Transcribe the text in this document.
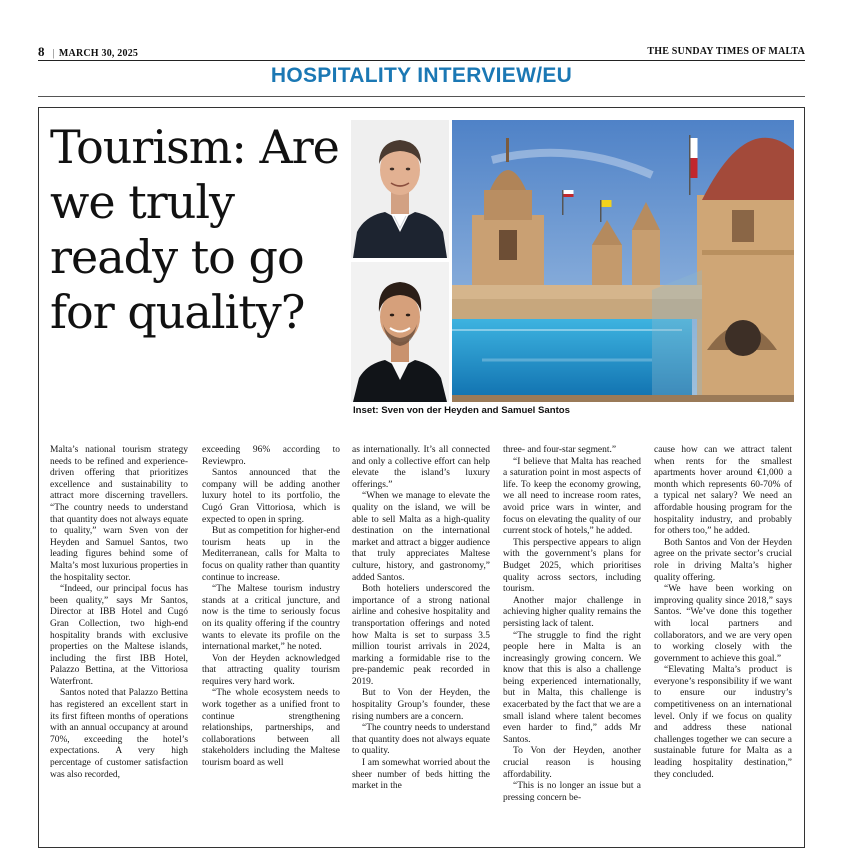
8 | MARCH 30, 2025	THE SUNDAY TIMES OF MALTA
HOSPITALITY INTERVIEW/EU
Tourism: Are we truly ready to go for quality?
Inset: Sven von der Heyden and Samuel Santos

Malta’s national tourism strategy needs to be refined and experience-driven offering that prioritizes excellence and sustainability to attract more discerning travellers. “The country needs to understand that quantity does not always equate to quality,” warn Sven von der Heyden and Samuel Santos, two leading figures behind some of Malta’s most luxurious properties in the hospitality sector.

“Indeed, our principal focus has been quality,” says Mr Santos, Director at IBB Hotel and Cugó Gran Collection, two high-end hospitality brands with exclusive properties on the Maltese islands, including the first IBB Hotel, Palazzo Bettina, at the Vittoriosa Waterfront.

Santos noted that Palazzo Bettina has registered an excellent start in its first fifteen months of operations with an annual occupancy at around 70%, exceeding the hotel’s expectations. A very high percentage of customer satisfaction was also recorded,

exceeding 96% according to Reviewpro.

Santos announced that the company will be adding another luxury hotel to its portfolio, the Cugó Gran Vittoriosa, which is expected to open in spring.

But as competition for higher-end tourism heats up in the Mediterranean, calls for Malta to focus on quality rather than quantity continue to increase.

“The Maltese tourism industry stands at a critical juncture, and now is the time to seriously focus on its quality offering if the country wants to elevate its profile on the international market,” he noted.

Von der Heyden acknowledged that attracting quality tourism requires very hard work.

“The whole ecosystem needs to work together as a unified front to continue strengthening relationships, partnerships, and collaborations between all stakeholders including the Maltese tourism board as well

as internationally. It’s all connected and only a collective effort can help elevate the island’s luxury offerings.”

“When we manage to elevate the quality on the island, we will be able to sell Malta as a high-quality destination on the international market and attract a bigger audience that truly appreciates Maltese culture, history, and gastronomy,” added Santos.

Both hoteliers underscored the importance of a strong national airline and cohesive hospitality and transportation offerings and noted how Malta is set to surpass 3.5 million tourist arrivals in 2024, marking a formidable rise to the pre-pandemic peak recorded in 2019.

But to Von der Heyden, the hospitality Group’s founder, these rising numbers are a concern.

“The country needs to understand that quantity does not always equate to quality.

I am somewhat worried about the sheer number of beds hitting the market in the

three- and four-star segment.”

“I believe that Malta has reached a saturation point in most aspects of life. To keep the economy growing, we all need to increase room rates, avoid price wars in winter, and focus on elevating the quality of our current stock of hotels,” he added.

This perspective appears to align with the government’s plans for Budget 2025, which prioritises quality across sectors, including tourism.

Another major challenge in achieving higher quality remains the persisting lack of talent.

“The struggle to find the right people here in Malta is an increasingly growing concern. We know that this is also a challenge being experienced internationally, but in Malta, this challenge is exacerbated by the fact that we are a small island where talent becomes even harder to find,” adds Mr Santos.

To Von der Heyden, another crucial reason is housing affordability.

“This is no longer an issue but a pressing concern be-

cause how can we attract talent when rents for the smallest apartments hover around €1,000 a month which represents 60-70% of a typical net salary? We need an affordable housing program for the hospitality industry, and probably for others too,” he added.

Both Santos and Von der Heyden agree on the private sector’s crucial role in driving Malta’s higher quality offering.

“We have been working on improving quality since 2018,” says Santos. “We’ve done this together with local partners and collaborators, and we are very open to working closely with the government to achieve this goal.”

“Elevating Malta’s product is everyone’s responsibility if we want to ensure our industry’s competitiveness on an international level. Only if we focus on quality and address these national challenges together we can secure a sustainable future for Malta as a leading hospitality destination,” they concluded.
